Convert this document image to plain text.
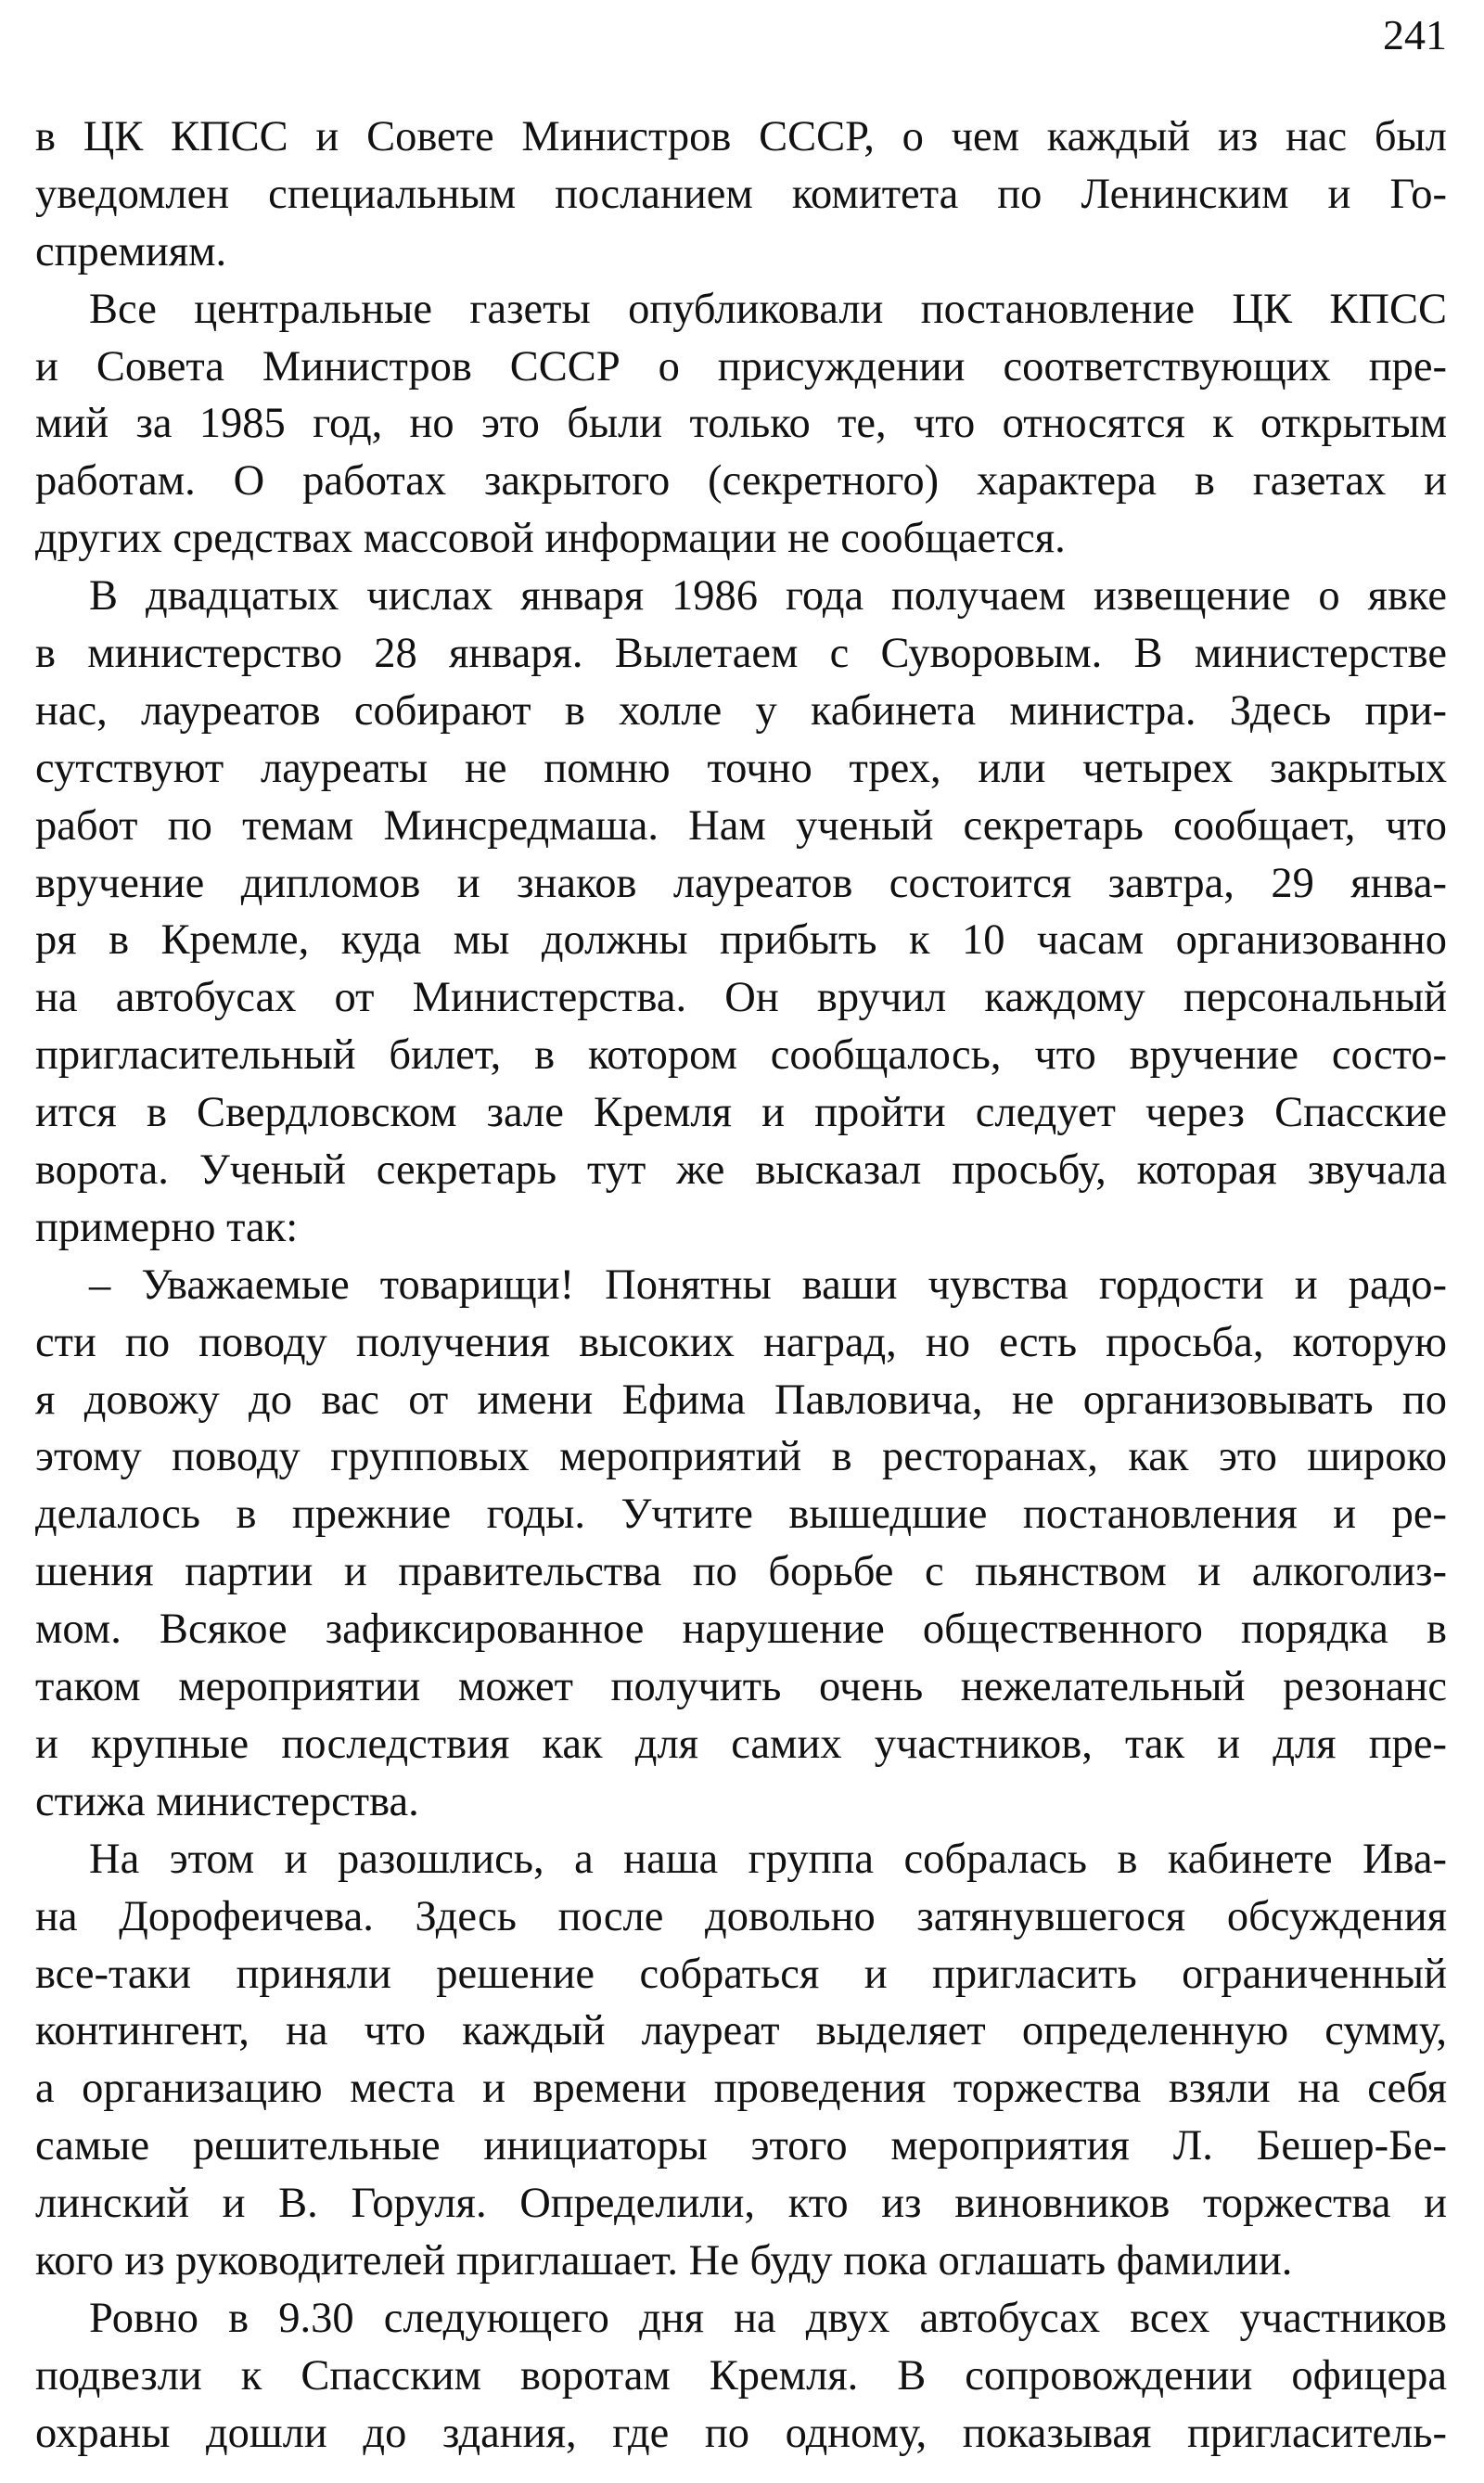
241
в ЦК КПСС и Совете Министров СССР, о чем каждый из нас был
уведомлен специальным посланием комитета по Ленинским и Го-
спремиям.
Все центральные газеты опубликовали постановление ЦК КПСС
и Совета Министров СССР о присуждении соответствующих пре-
мий за 1985 год, но это были только те, что относятся к открытым
работам. О работах закрытого (секретного) характера в газетах и
других средствах массовой информации не сообщается.
В двадцатых числах января 1986 года получаем извещение о явке
в министерство 28 января. Вылетаем с Суворовым. В министерстве
нас, лауреатов собирают в холле у кабинета министра. Здесь при-
сутствуют лауреаты не помню точно трех, или четырех закрытых
работ по темам Минсредмаша. Нам ученый секретарь сообщает, что
вручение дипломов и знаков лауреатов состоится завтра, 29 янва-
ря в Кремле, куда мы должны прибыть к 10 часам организованно
на автобусах от Министерства. Он вручил каждому персональный
пригласительный билет, в котором сообщалось, что вручение состо-
ится в Свердловском зале Кремля и пройти следует через Спасские
ворота. Ученый секретарь тут же высказал просьбу, которая звучала
примерно так:
– Уважаемые товарищи! Понятны ваши чувства гордости и радо-
сти по поводу получения высоких наград, но есть просьба, которую
я довожу до вас от имени Ефима Павловича, не организовывать по
этому поводу групповых мероприятий в ресторанах, как это широко
делалось в прежние годы. Учтите вышедшие постановления и ре-
шения партии и правительства по борьбе с пьянством и алкоголиз-
мом. Всякое зафиксированное нарушение общественного порядка в
таком мероприятии может получить очень нежелательный резонанс
и крупные последствия как для самих участников, так и для пре-
стижа министерства.
На этом и разошлись, а наша группа собралась в кабинете Ива-
на Дорофеичева. Здесь после довольно затянувшегося обсуждения
все-таки приняли решение собраться и пригласить ограниченный
контингент, на что каждый лауреат выделяет определенную сумму,
а организацию места и времени проведения торжества взяли на себя
самые решительные инициаторы этого мероприятия Л. Бешер-Бе-
линский и В. Горуля. Определили, кто из виновников торжества и
кого из руководителей приглашает. Не буду пока оглашать фамилии.
Ровно в 9.30 следующего дня на двух автобусах всех участников
подвезли к Спасским воротам Кремля. В сопровождении офицера
охраны дошли до здания, где по одному, показывая пригласитель-
